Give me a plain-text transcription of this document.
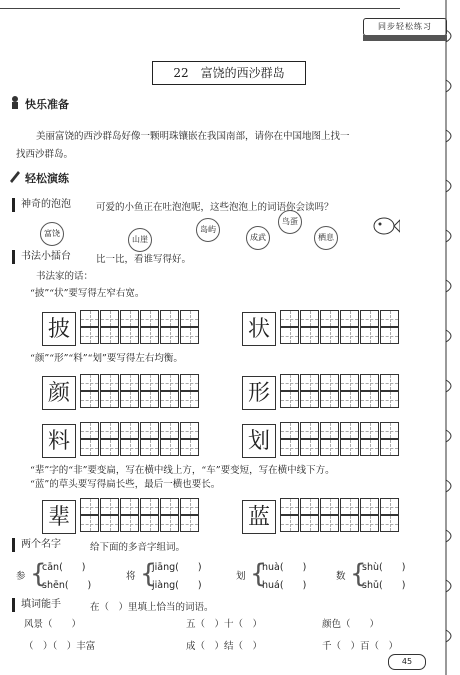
同步轻松练习
22　富饶的西沙群岛
快乐准备
美丽富饶的西沙群岛好像一颗明珠镶嵌在我国南部，请你在中国地图上找一
找西沙群岛。
轻松演练
神奇的泡泡	可爱的小鱼正在吐泡泡呢，这些泡泡上的词语你会读吗？
富饶
山崖
岛屿
成武
鸟蛋
栖息
书法小擂台	比一比，看谁写得好。
书法家的话：
“披”“状”要写得左窄右宽。
披	状
“颜”“形”“料”“划”要写得左右均衡。
颜	形
料	划
“辈”字的“非”要变扁，写在横中线上方，“车”要变短，写在横中线下方。
“蓝”的草头要写得扁长些，最后一横也要长。
辈	蓝
两个名字	给下面的多音字组词。
参 {
cān(　　)
shēn(　　)
将 {
jiāng(　　)
jiàng(　　)
划 {
huà(　　)
huá(　　)
数 {
shù(　　)
shǔ(　　)
填词能手	在（　）里填上恰当的词语。
风景（　　）	五（　）十（　）	颜色（　　）
（　）（　）丰富	成（　）结（　）	千（　）百（　）
45
